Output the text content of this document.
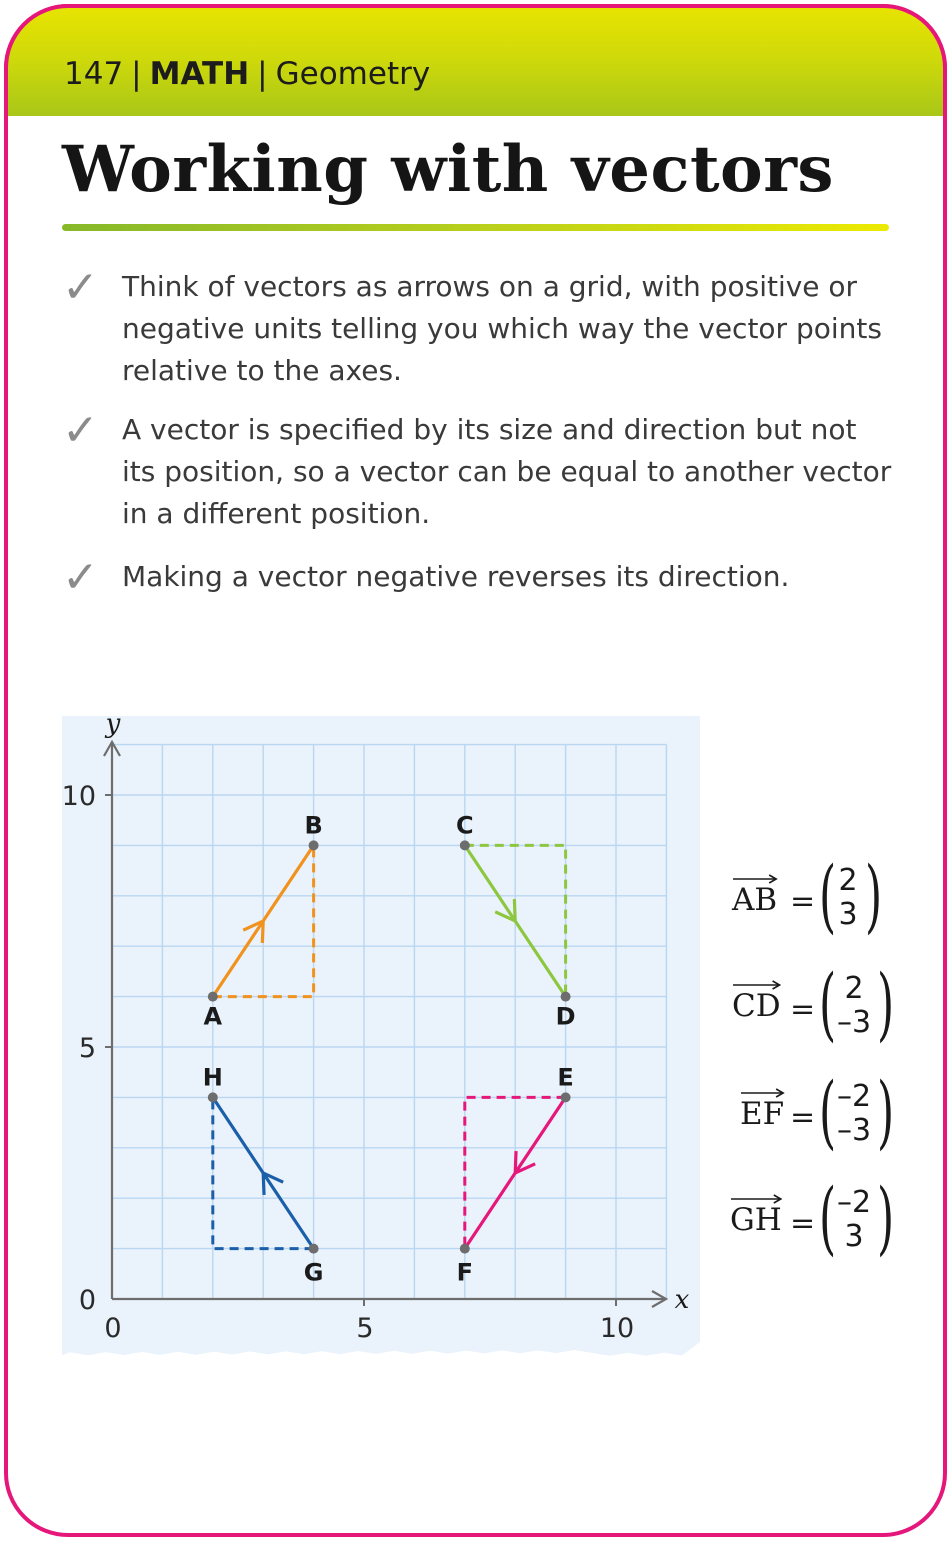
147 | MATH | Geometry
Working with vectors
✓ Think of vectors as arrows on a grid, with positive or
negative units telling you which way the vector points
relative to the axes.
✓ A vector is specified by its size and direction but not
its position, so a vector can be equal to another vector
in a different position.
✓ Making a vector negative reverses its direction.
y
x
0
5
10
0	5	10
A
B	C
D
E
F
G
H
AB = ( 2
3 )
CD = ( 2
–3 )
EF = ( –2
–3 )
GH = ( –2
3 )
